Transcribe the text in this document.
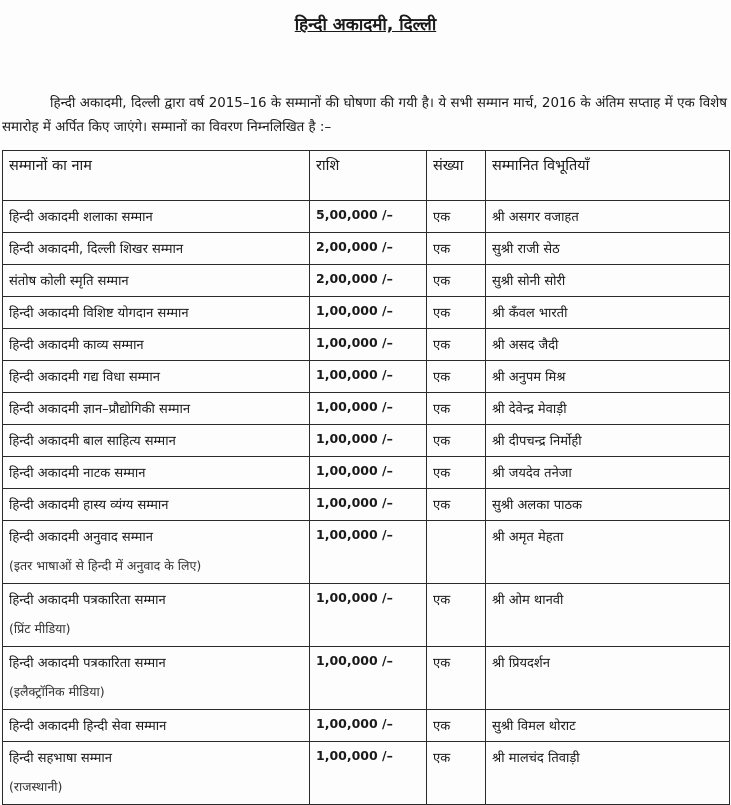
हिन्दी अकादमी, दिल्ली
हिन्दी अकादमी, दिल्ली द्वारा वर्ष 2015–16 के सम्मानों की घोषणा की गयी है। ये सभी सम्मान मार्च, 2016 के अंतिम सप्ताह में एक विशेष समारोह में अर्पित किए जाएंगे। सम्मानों का विवरण निम्नलिखित है :–
सम्मानों का नाम	राशि	संख्या	सम्मानित विभूतियाँ
हिन्दी अकादमी शलाका सम्मान	5,00,000 /–	एक	श्री असगर वजाहत
हिन्दी अकादमी, दिल्ली शिखर सम्मान	2,00,000 /–	एक	सुश्री राजी सेठ
संतोष कोली स्मृति सम्मान	2,00,000 /–	एक	सुश्री सोनी सोरी
हिन्दी अकादमी विशिष्ट योगदान सम्मान	1,00,000 /–	एक	श्री कँवल भारती
हिन्दी अकादमी काव्य सम्मान	1,00,000 /–	एक	श्री असद जैदी
हिन्दी अकादमी गद्य विधा सम्मान	1,00,000 /–	एक	श्री अनुपम मिश्र
हिन्दी अकादमी ज्ञान–प्रौद्योगिकी सम्मान	1,00,000 /–	एक	श्री देवेन्द्र मेवाड़ी
हिन्दी अकादमी बाल साहित्य सम्मान	1,00,000 /–	एक	श्री दीपचन्द्र निर्मोही
हिन्दी अकादमी नाटक सम्मान	1,00,000 /–	एक	श्री जयदेव तनेजा
हिन्दी अकादमी हास्य व्यंग्य सम्मान	1,00,000 /–	एक	सुश्री अलका पाठक
हिन्दी अकादमी अनुवाद सम्मान
(इतर भाषाओं से हिन्दी में अनुवाद के लिए)	1,00,000 /–		श्री अमृत मेहता
हिन्दी अकादमी पत्रकारिता सम्मान
(प्रिंट मीडिया)	1,00,000 /–	एक	श्री ओम थानवी
हिन्दी अकादमी पत्रकारिता सम्मान
(इलैक्ट्रॉनिक मीडिया)	1,00,000 /–	एक	श्री प्रियदर्शन
हिन्दी अकादमी हिन्दी सेवा सम्मान	1,00,000 /–	एक	सुश्री विमल थोराट
हिन्दी सहभाषा सम्मान
(राजस्थानी)	1,00,000 /–	एक	श्री मालचंद तिवाड़ी
